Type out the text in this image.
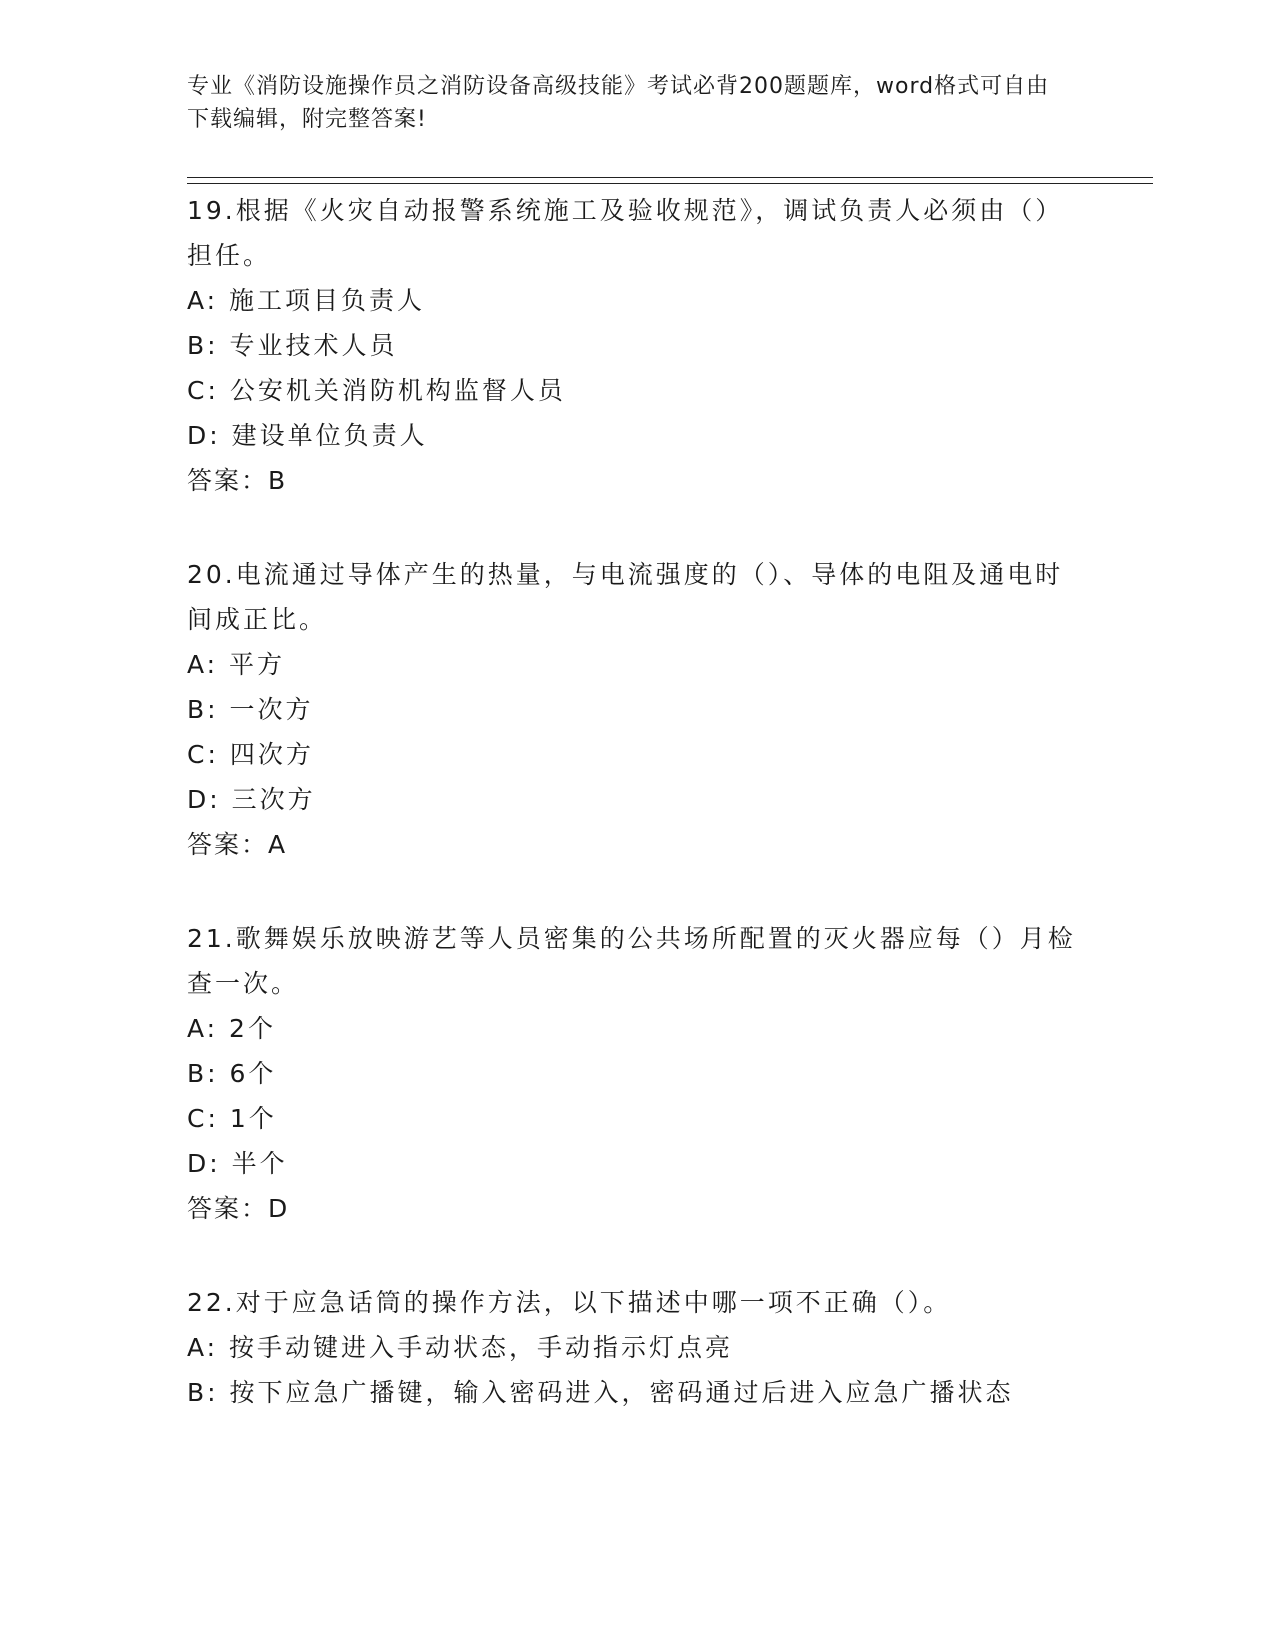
专业《消防设施操作员之消防设备高级技能》考试必背200题题库，word格式可自由下载编辑，附完整答案!
19.根据《火灾自动报警系统施工及验收规范》，调试负责人必须由（）担任。
A: 施工项目负责人
B: 专业技术人员
C: 公安机关消防机构监督人员
D: 建设单位负责人
答案：B
20.电流通过导体产生的热量，与电流强度的（）、导体的电阻及通电时间成正比。
A: 平方
B: 一次方
C: 四次方
D: 三次方
答案：A
21.歌舞娱乐放映游艺等人员密集的公共场所配置的灭火器应每（）月检查一次。
A: 2个
B: 6个
C: 1个
D: 半个
答案：D
22.对于应急话筒的操作方法，以下描述中哪一项不正确（）。
A: 按手动键进入手动状态，手动指示灯点亮
B: 按下应急广播键，输入密码进入，密码通过后进入应急广播状态
